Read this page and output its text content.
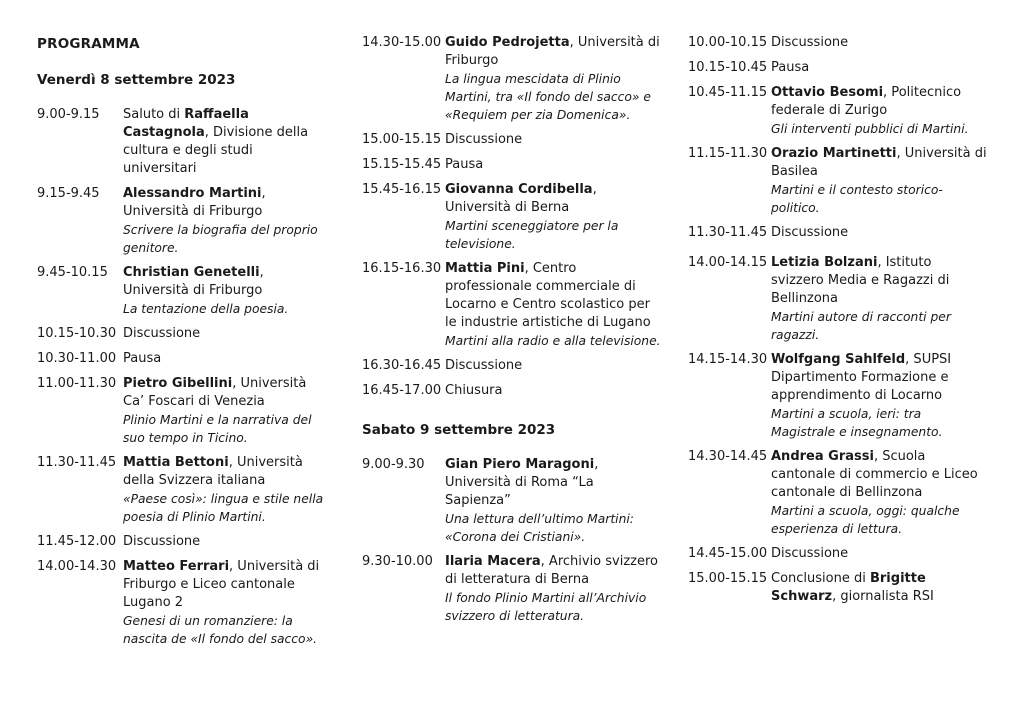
PROGRAMMA
Venerdì 8 settembre 2023
9.00-9.15	Saluto di Raffaella Castagnola, Divisione della cultura e degli studi universitari
9.15-9.45	Alessandro Martini, Università di Friburgo
Scrivere la biografia del proprio genitore.
9.45-10.15	Christian Genetelli, Università di Friburgo
La tentazione della poesia.
10.15-10.30 Discussione
10.30-11.00 Pausa
11.00-11.30 Pietro Gibellini, Università Ca’ Foscari di Venezia
Plinio Martini e la narrativa del suo tempo in Ticino.
11.30-11.45 Mattia Bettoni, Università della Svizzera italiana
«Paese così»: lingua e stile nella poesia di Plinio Martini.
11.45-12.00 Discussione
14.00-14.30 Matteo Ferrari, Università di Friburgo e Liceo cantonale Lugano 2
Genesi di un romanziere: la nascita de «Il fondo del sacco».
14.30-15.00 Guido Pedrojetta, Università di Friburgo
La lingua mescidata di Plinio Martini, tra «Il fondo del sacco» e «Requiem per zia Domenica».
15.00-15.15 Discussione
15.15-15.45 Pausa
15.45-16.15 Giovanna Cordibella, Università di Berna
Martini sceneggiatore per la televisione.
16.15-16.30 Mattia Pini, Centro professionale commerciale di Locarno e Centro scolastico per le industrie artistiche di Lugano
Martini alla radio e alla televisione.
16.30-16.45 Discussione
16.45-17.00 Chiusura
Sabato 9 settembre 2023
9.00-9.30	Gian Piero Maragoni, Università di Roma “La Sapienza”
Una lettura dell’ultimo Martini: «Corona dei Cristiani».
9.30-10.00 Ilaria Macera, Archivio svizzero di letteratura di Berna
Il fondo Plinio Martini all’Archivio svizzero di letteratura.
10.00-10.15 Discussione
10.15-10.45 Pausa
10.45-11.15 Ottavio Besomi, Politecnico federale di Zurigo
Gli interventi pubblici di Martini.
11.15-11.30 Orazio Martinetti, Università di Basilea
Martini e il contesto storico-politico.
11.30-11.45 Discussione
14.00-14.15 Letizia Bolzani, Istituto svizzero Media e Ragazzi di Bellinzona
Martini autore di racconti per ragazzi.
14.15-14.30 Wolfgang Sahlfeld, SUPSI Dipartimento Formazione e apprendimento di Locarno
Martini a scuola, ieri: tra Magistrale e insegnamento.
14.30-14.45 Andrea Grassi, Scuola cantonale di commercio e Liceo cantonale di Bellinzona
Martini a scuola, oggi: qualche esperienza di lettura.
14.45-15.00 Discussione
15.00-15.15 Conclusione di Brigitte Schwarz, giornalista RSI
